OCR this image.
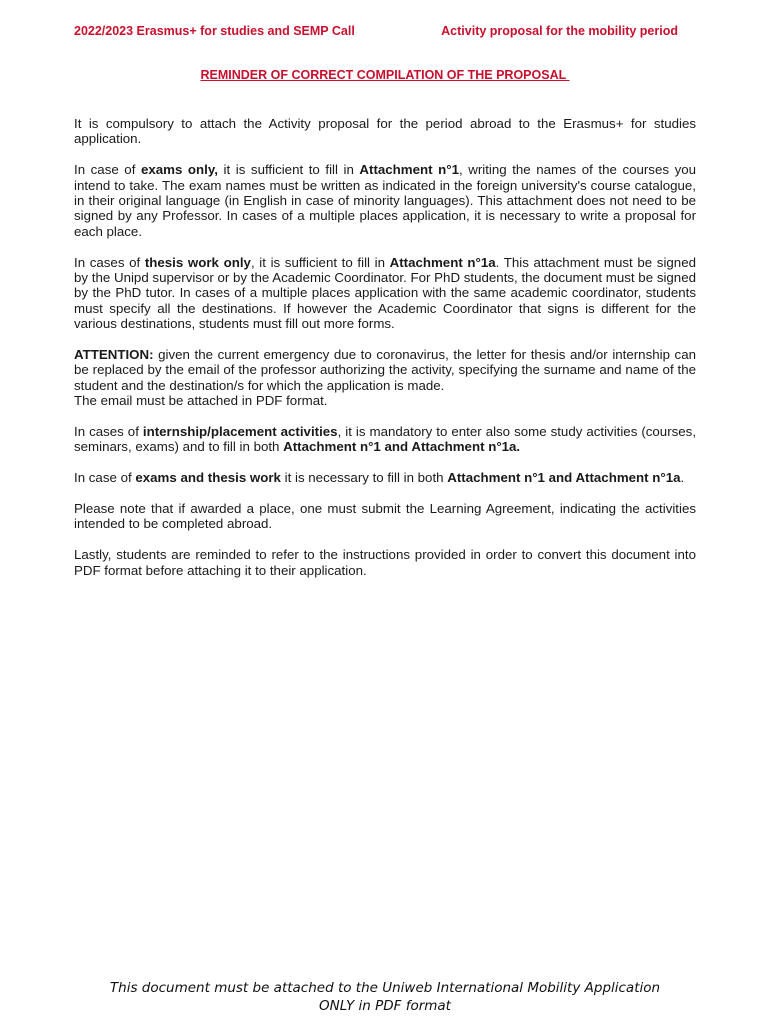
2022/2023 Erasmus+ for studies and SEMP Call	Activity proposal for the mobility period
REMINDER OF CORRECT COMPILATION OF THE PROPOSAL

It is compulsory to attach the Activity proposal for the period abroad to the Erasmus+ for studies application.

In case of exams only, it is sufficient to fill in Attachment n°1, writing the names of the courses you intend to take. The exam names must be written as indicated in the foreign university's course catalogue, in their original language (in English in case of minority languages). This attachment does not need to be signed by any Professor. In cases of a multiple places application, it is necessary to write a proposal for each place.

In cases of thesis work only, it is sufficient to fill in Attachment n°1a. This attachment must be signed by the Unipd supervisor or by the Academic Coordinator. For PhD students, the document must be signed by the PhD tutor. In cases of a multiple places application with the same academic coordinator, students must specify all the destinations. If however the Academic Coordinator that signs is different for the various destinations, students must fill out more forms.

ATTENTION: given the current emergency due to coronavirus, the letter for thesis and/or internship can be replaced by the email of the professor authorizing the activity, specifying the surname and name of the student and the destination/s for which the application is made.
The email must be attached in PDF format.

In cases of internship/placement activities, it is mandatory to enter also some study activities (courses, seminars, exams) and to fill in both Attachment n°1 and Attachment n°1a.

In case of exams and thesis work it is necessary to fill in both Attachment n°1 and Attachment n°1a.

Please note that if awarded a place, one must submit the Learning Agreement, indicating the activities intended to be completed abroad.

Lastly, students are reminded to refer to the instructions provided in order to convert this document into PDF format before attaching it to their application.

This document must be attached to the Uniweb International Mobility Application
ONLY in PDF format
